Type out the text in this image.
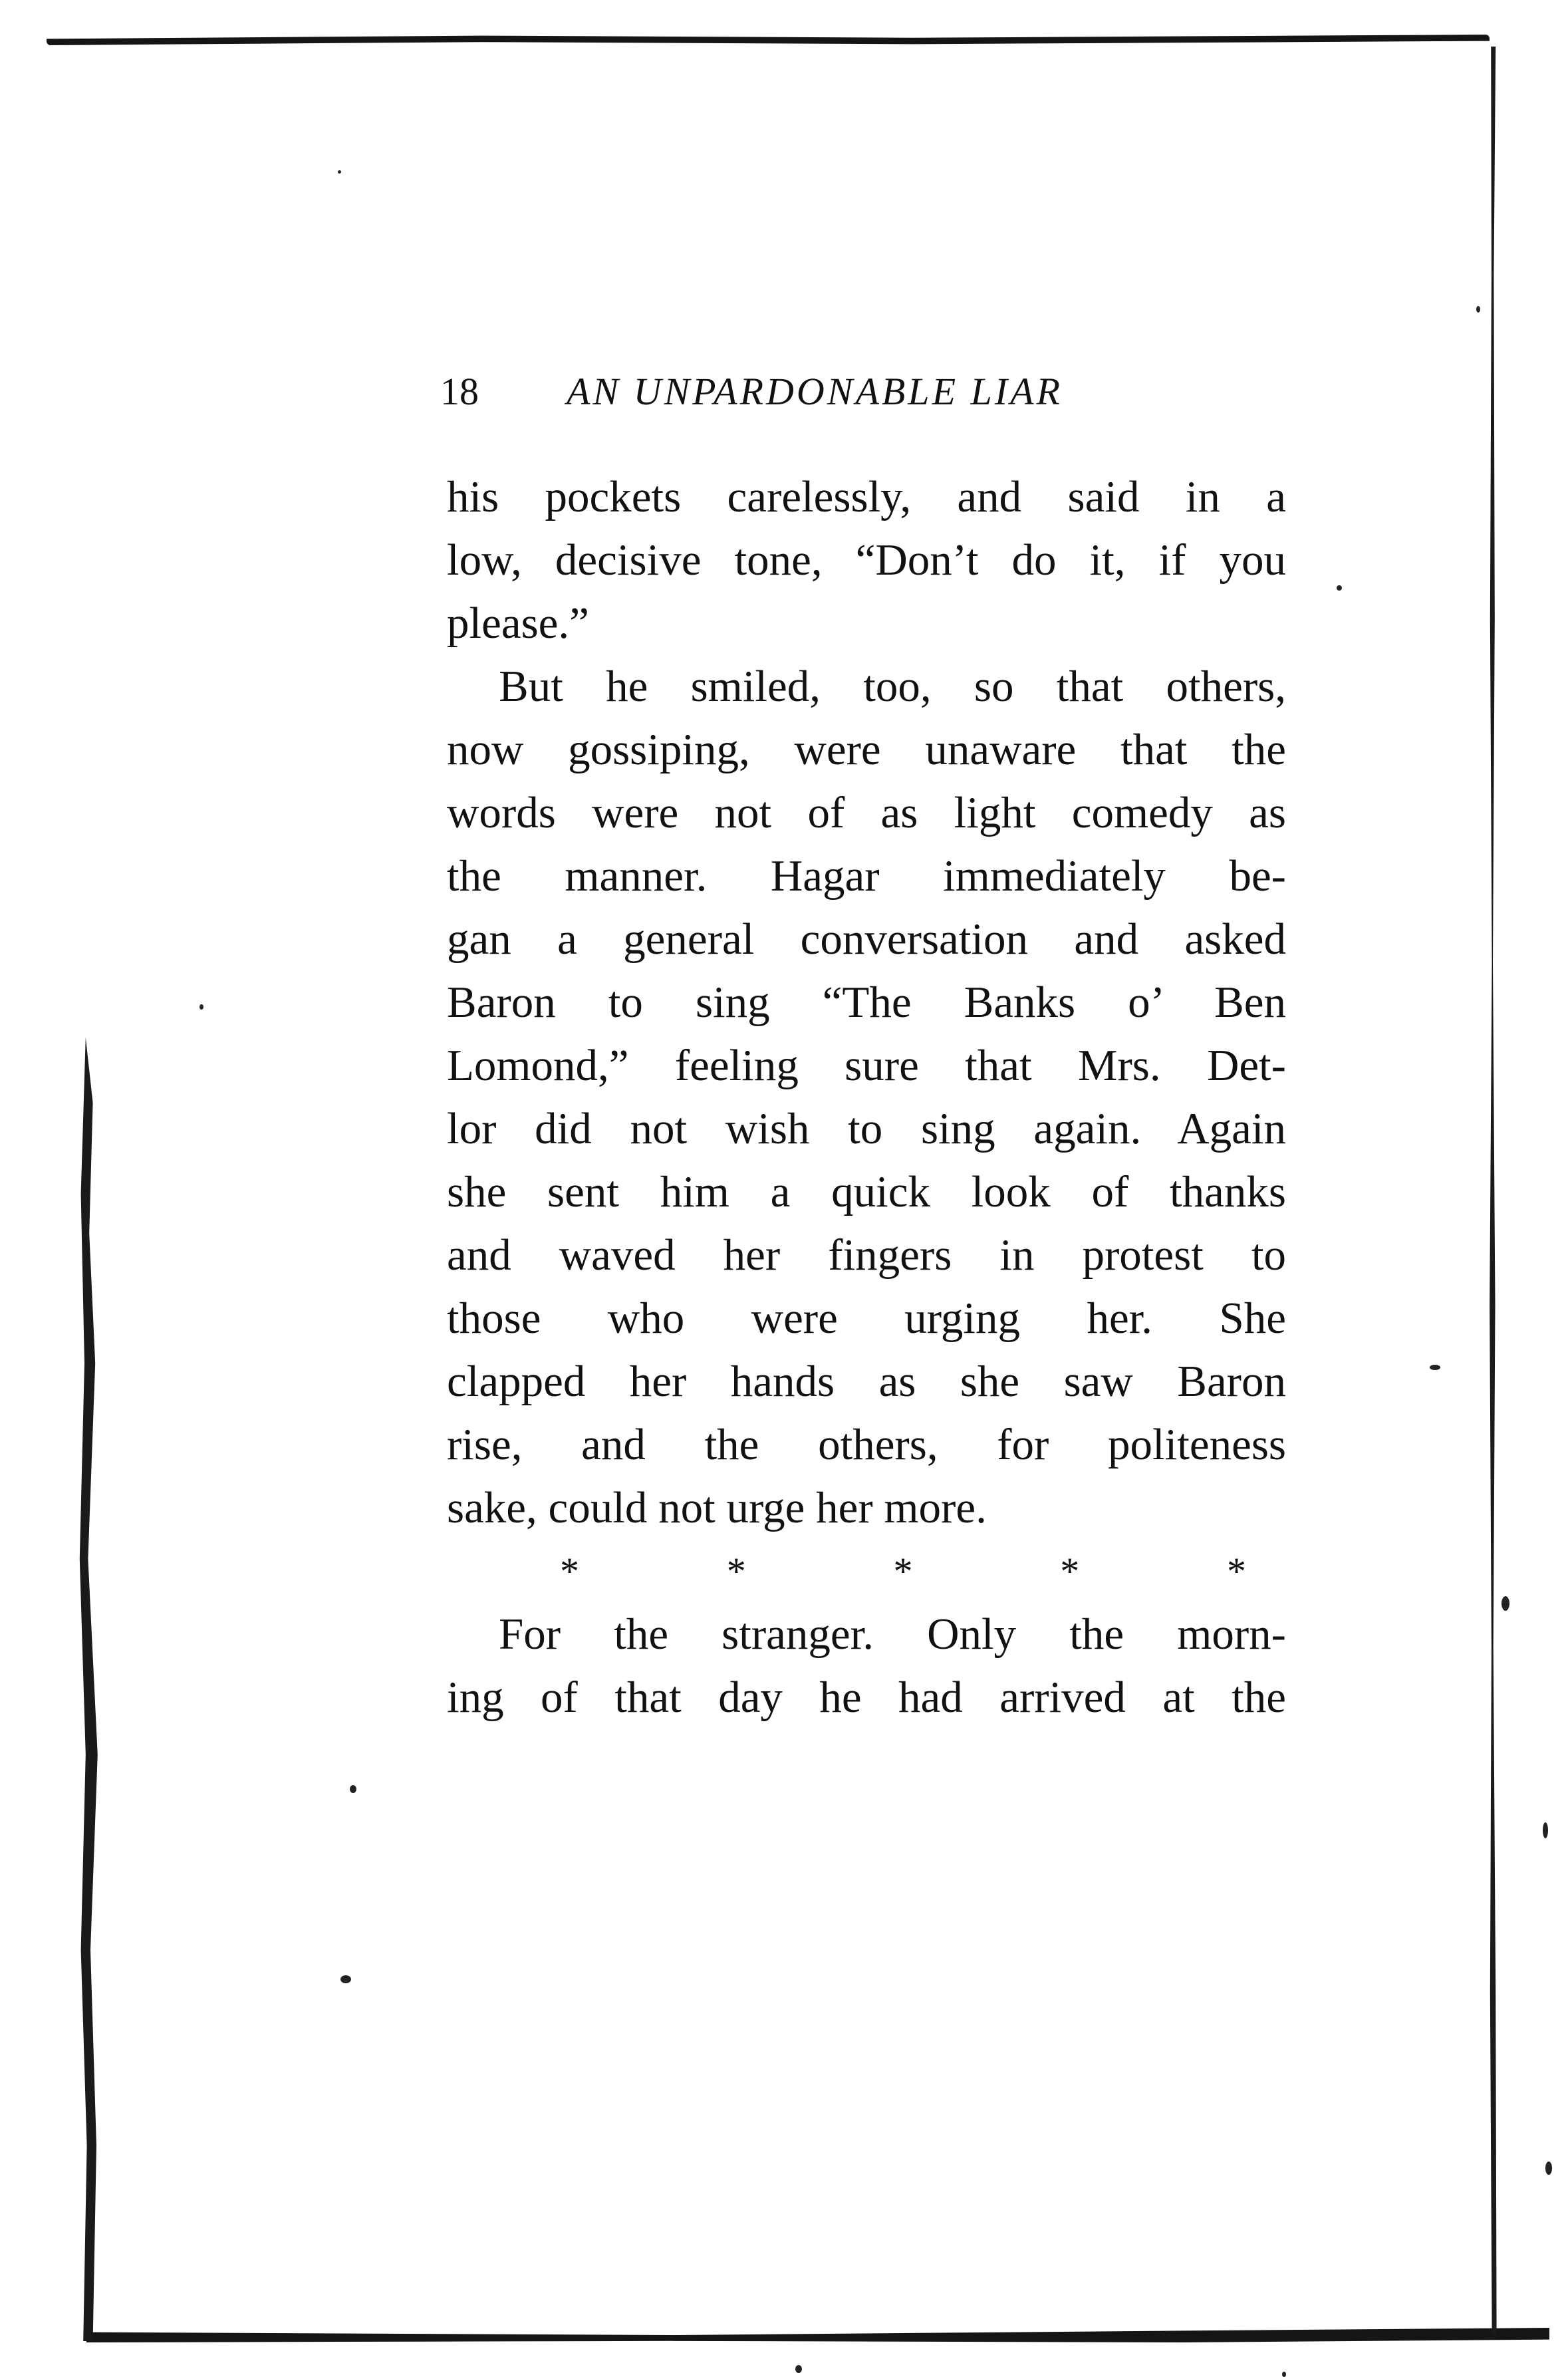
18 AN UNPARDONABLE LIAR
his pockets carelessly, and said in a
low, decisive tone, “Don’t do it, if you
please.”
But he smiled, too, so that others,
now gossiping, were unaware that the
words were not of as light comedy as
the manner. Hagar immediately be-
gan a general conversation and asked
Baron to sing “The Banks o’ Ben
Lomond,” feeling sure that Mrs. Det-
lor did not wish to sing again. Again
she sent him a quick look of thanks
and waved her fingers in protest to
those who were urging her. She
clapped her hands as she saw Baron
rise, and the others, for politeness
sake, could not urge her more.
*	*	*	*	*
For the stranger. Only the morn-
ing of that day he had arrived at the
